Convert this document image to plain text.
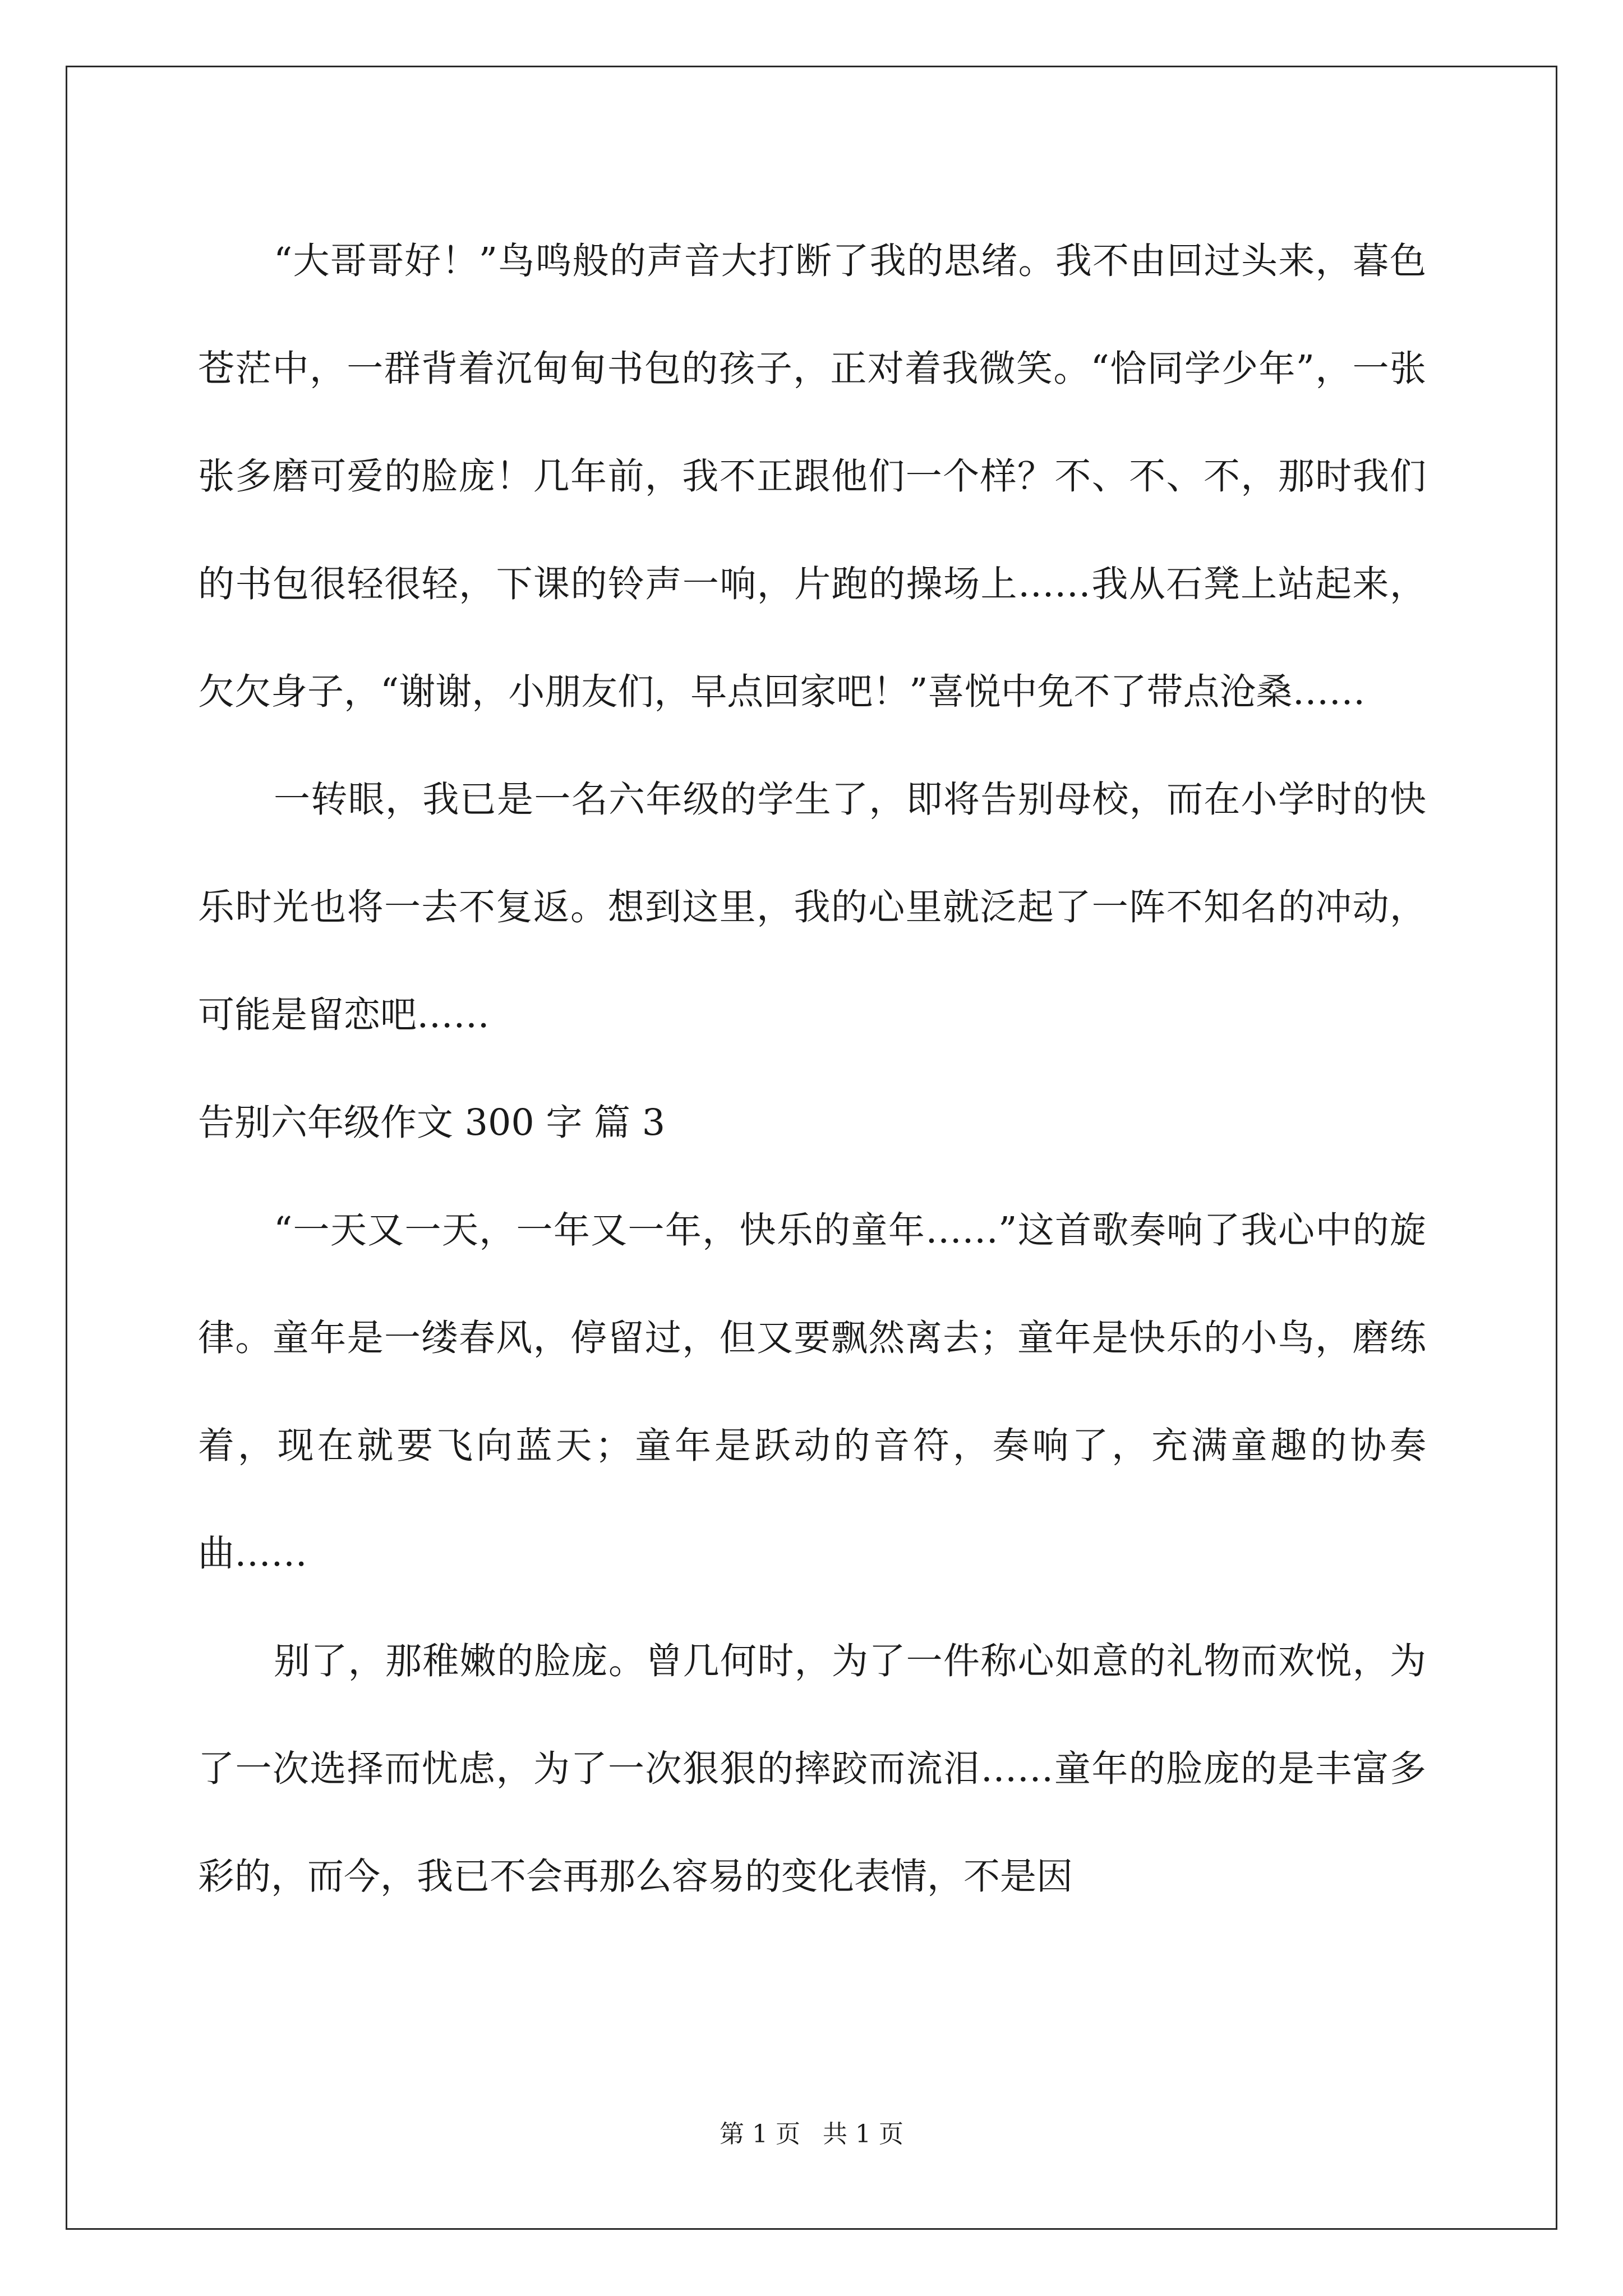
“大哥哥好！”鸟鸣般的声音大打断了我的思绪。我不由回过头来，暮色苍茫中，一群背着沉甸甸书包的孩子，正对着我微笑。“恰同学少年”，一张张多磨可爱的脸庞！几年前，我不正跟他们一个样？不、不、不，那时我们的书包很轻很轻，下课的铃声一响，片跑的操场上……我从石凳上站起来，欠欠身子，“谢谢，小朋友们，早点回家吧！”喜悦中免不了带点沧桑……

一转眼，我已是一名六年级的学生了，即将告别母校，而在小学时的快乐时光也将一去不复返。想到这里，我的心里就泛起了一阵不知名的冲动，可能是留恋吧……

告别六年级作文 300 字 篇 3

“一天又一天，一年又一年，快乐的童年……”这首歌奏响了我心中的旋律。童年是一缕春风，停留过，但又要飘然离去；童年是快乐的小鸟，磨练着，现在就要飞向蓝天；童年是跃动的音符，奏响了，充满童趣的协奏曲……

别了，那稚嫩的脸庞。曾几何时，为了一件称心如意的礼物而欢悦，为了一次选择而忧虑，为了一次狠狠的摔跤而流泪……童年的脸庞的是丰富多彩的，而今，我已不会再那么容易的变化表情，不是因

第 1 页 共 1 页
